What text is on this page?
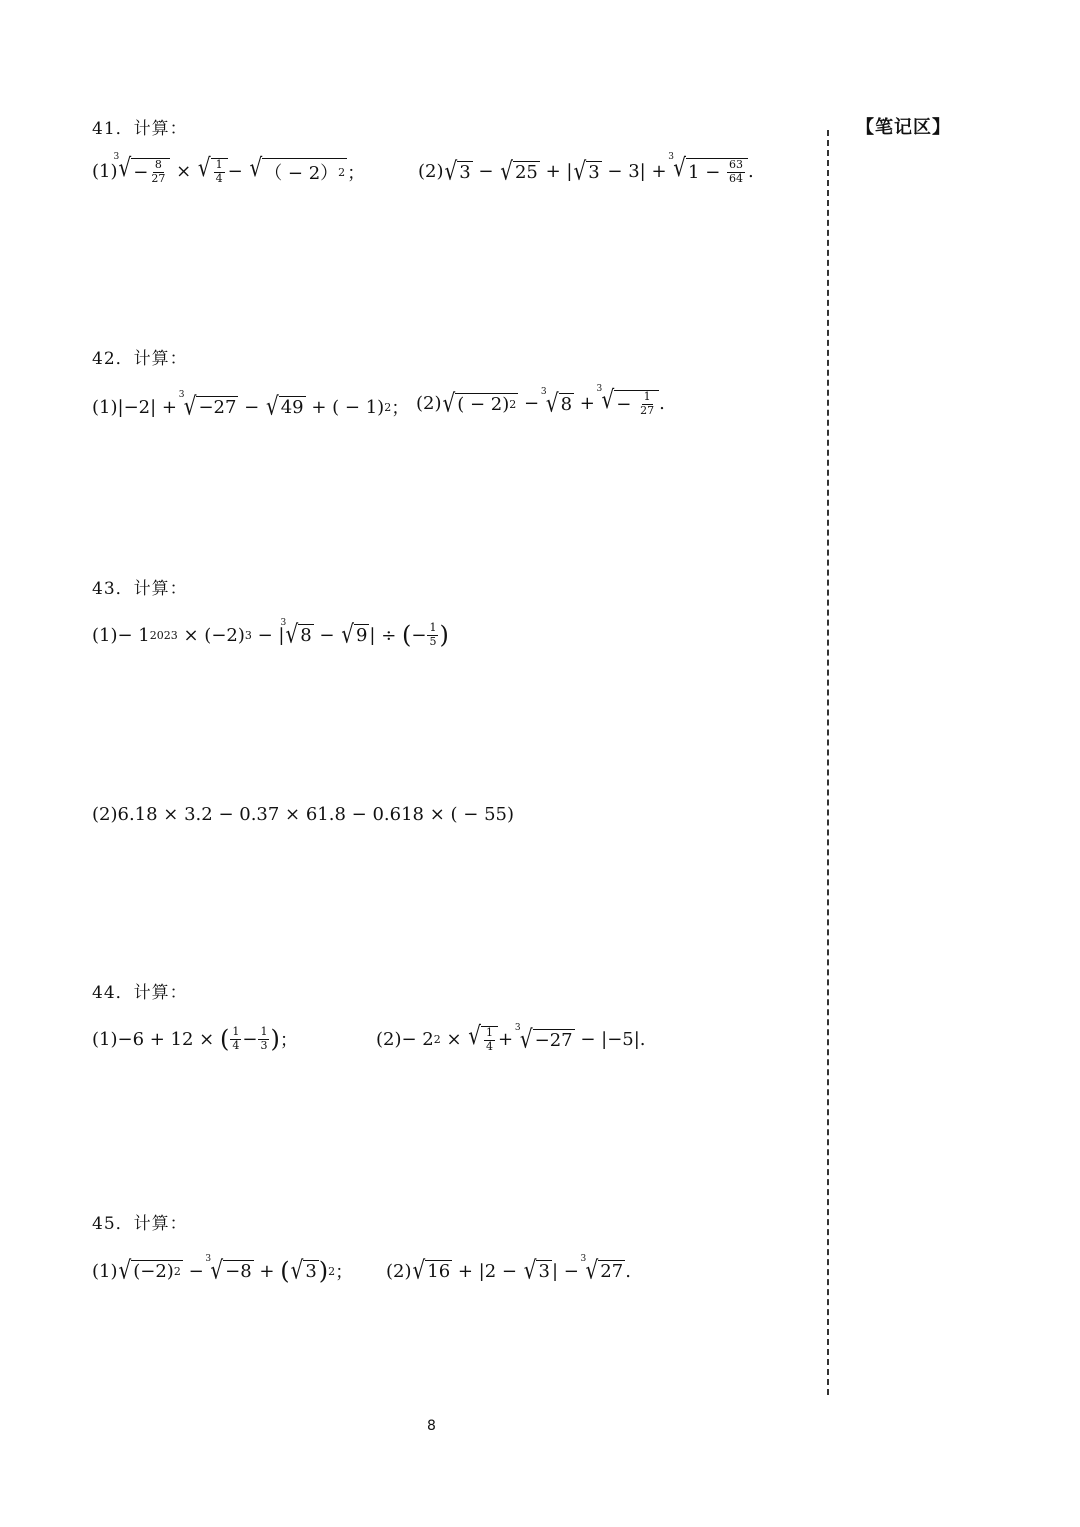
【笔记区】
41．计算：
(1)
3 √ − $\frac{8}{27}$ × √ $\frac{1}{4}$ − √ （ − 2） 2 ；	(2) √ 3 − √ 25 + | √ 3 − 3| +
3 √ $1 - \frac{63}{64}$ .
42．计算：
(1) |−2| +
3 √ −27 − √ 49 + ( − 1) 2 ； (2) √ ( − 2) 2 −
3 √ 8 +
3 √ − $\frac{1}{27}$ .
43．计算：
(1) − 1 2023 × (−2) 3 − |
3 √ 8 − √ 9 | ÷ ( − $\frac{1}{5}$ )
(2)6.18 × 3.2 − 0.37 × 61.8 − 0.618 × ( − 55)
44．计算：
(1) −6 + 12 × ( $\frac{1}{4} - \frac{1}{3}$ ) ；	(2) − 2 2 × √ $\frac{1}{4}$ +
3 √ −27 − |−5|.
45．计算：
(1) √ (−2) 2 −
3 √ −8 + ( √ 3 ) 2 ； (2) √ 16 + |2 − √ 3 | −
3 √ 27 .
8
